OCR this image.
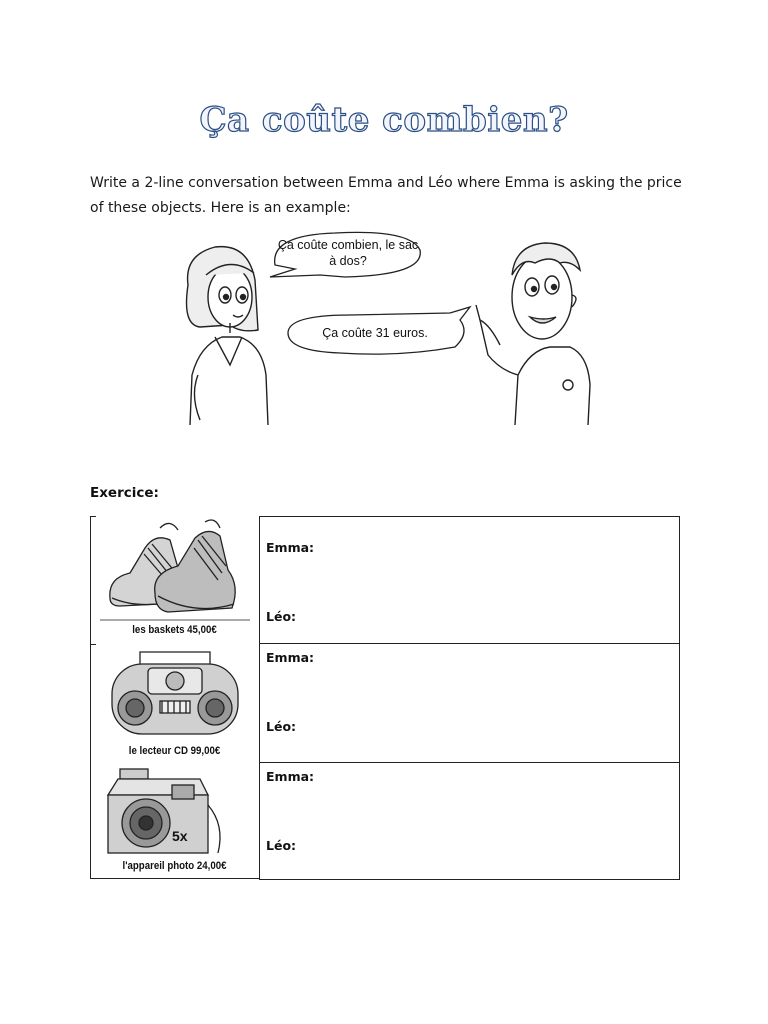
Ça coûte combien?
Write a 2-line conversation between Emma and Léo where Emma is asking the price of these objects. Here is an example:
Ça coûte combien, le sac
à dos?
Ça coûte 31 euros.
Exercice:
les baskets 45,00€
Emma:
Léo:
le lecteur CD 99,00€
Emma:
Léo:
5x
l'appareil photo 24,00€
Emma:
Léo:
